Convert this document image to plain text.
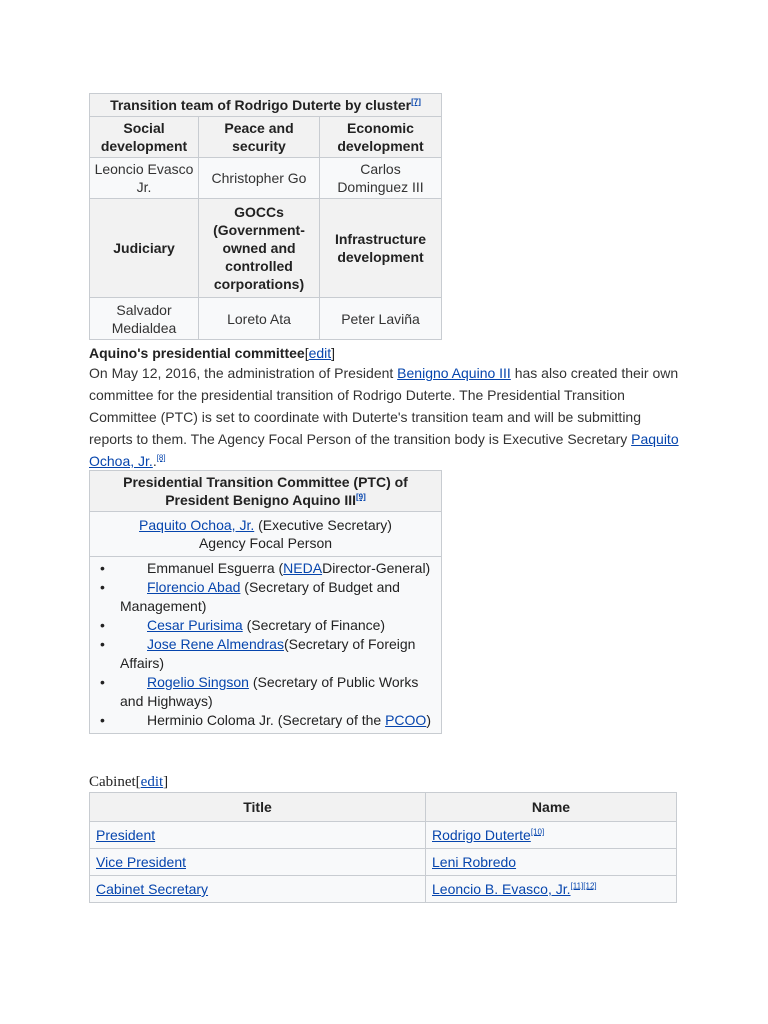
Transition team of Rodrigo Duterte by cluster[7]
Social development	Peace and security	Economic development
Leoncio Evasco Jr.	Christopher Go	Carlos Dominguez III
Judiciary	GOCCs (Government-owned and controlled corporations)	Infrastructure development
Salvador Medialdea	Loreto Ata	Peter Laviña
Aquino's presidential committee[edit]
On May 12, 2016, the administration of President Benigno Aquino III has also created their own committee for the presidential transition of Rodrigo Duterte. The Presidential Transition Committee (PTC) is set to coordinate with Duterte's transition team and will be submitting reports to them. The Agency Focal Person of the transition body is Executive Secretary Paquito Ochoa, Jr..[8]
Presidential Transition Committee (PTC) of President Benigno Aquino III[9]
Paquito Ochoa, Jr. (Executive Secretary)
Agency Focal Person

•	Emmanuel Esguerra (NEDADirector-General)
•	Florencio Abad (Secretary of Budget and Management)
•	Cesar Purisima (Secretary of Finance)
•	Jose Rene Almendras(Secretary of Foreign Affairs)
•	Rogelio Singson (Secretary of Public Works and Highways)
•	Herminio Coloma Jr. (Secretary of the PCOO)
Cabinet[edit]
Title	Name
President	Rodrigo Duterte[10]
Vice President	Leni Robredo
Cabinet Secretary	Leoncio B. Evasco, Jr.[11][12]
